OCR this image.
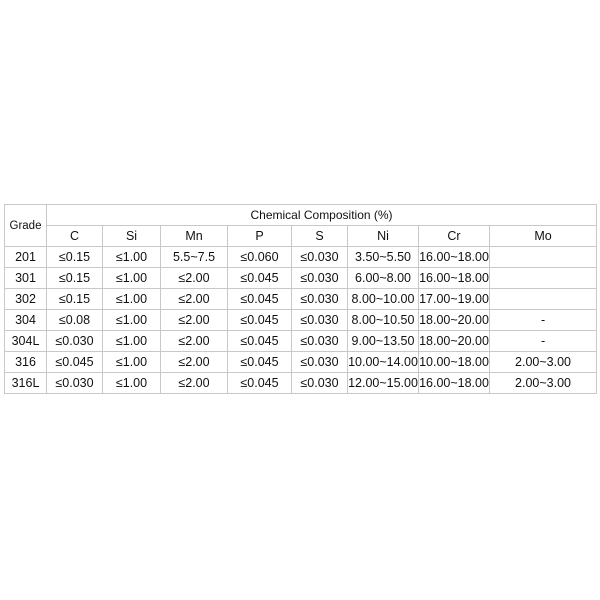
Grade	Chemical Composition (%)							
	C	Si	Mn	P	S	Ni	Cr	Mo
201	≤0.15	≤1.00	5.5~7.5	≤0.060	≤0.030	3.50~5.50	16.00~18.00	
301	≤0.15	≤1.00	≤2.00	≤0.045	≤0.030	6.00~8.00	16.00~18.00	
302	≤0.15	≤1.00	≤2.00	≤0.045	≤0.030	8.00~10.00	17.00~19.00	
304	≤0.08	≤1.00	≤2.00	≤0.045	≤0.030	8.00~10.50	18.00~20.00	-
304L	≤0.030	≤1.00	≤2.00	≤0.045	≤0.030	9.00~13.50	18.00~20.00	-
316	≤0.045	≤1.00	≤2.00	≤0.045	≤0.030	10.00~14.00	10.00~18.00	2.00~3.00
316L	≤0.030	≤1.00	≤2.00	≤0.045	≤0.030	12.00~15.00	16.00~18.00	2.00~3.00
